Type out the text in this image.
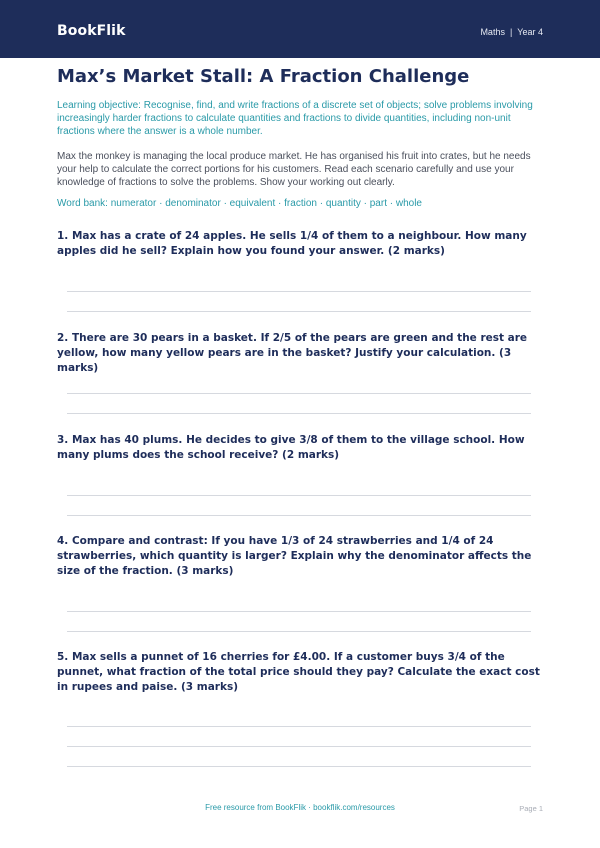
BookFlik	Maths | Year 4
Max’s Market Stall: A Fraction Challenge

Learning objective: Recognise, find, and write fractions of a discrete set of objects; solve problems involving increasingly harder fractions to calculate quantities and fractions to divide quantities, including non-unit fractions where the answer is a whole number.

Max the monkey is managing the local produce market. He has organised his fruit into crates, but he needs your help to calculate the correct portions for his customers. Read each scenario carefully and use your knowledge of fractions to solve the problems. Show your working out clearly.

Word bank: numerator · denominator · equivalent · fraction · quantity · part · whole

1. Max has a crate of 24 apples. He sells 1/4 of them to a neighbour. How many apples did he sell? Explain how you found your answer. (2 marks)

2. There are 30 pears in a basket. If 2/5 of the pears are green and the rest are yellow, how many yellow pears are in the basket? Justify your calculation. (3 marks)

3. Max has 40 plums. He decides to give 3/8 of them to the village school. How many plums does the school receive? (2 marks)

4. Compare and contrast: If you have 1/3 of 24 strawberries and 1/4 of 24 strawberries, which quantity is larger? Explain why the denominator affects the size of the fraction. (3 marks)

5. Max sells a punnet of 16 cherries for £4.00. If a customer buys 3/4 of the punnet, what fraction of the total price should they pay? Calculate the exact cost in rupees and paise. (3 marks)

Free resource from BookFlik · bookflik.com/resources	Page 1
